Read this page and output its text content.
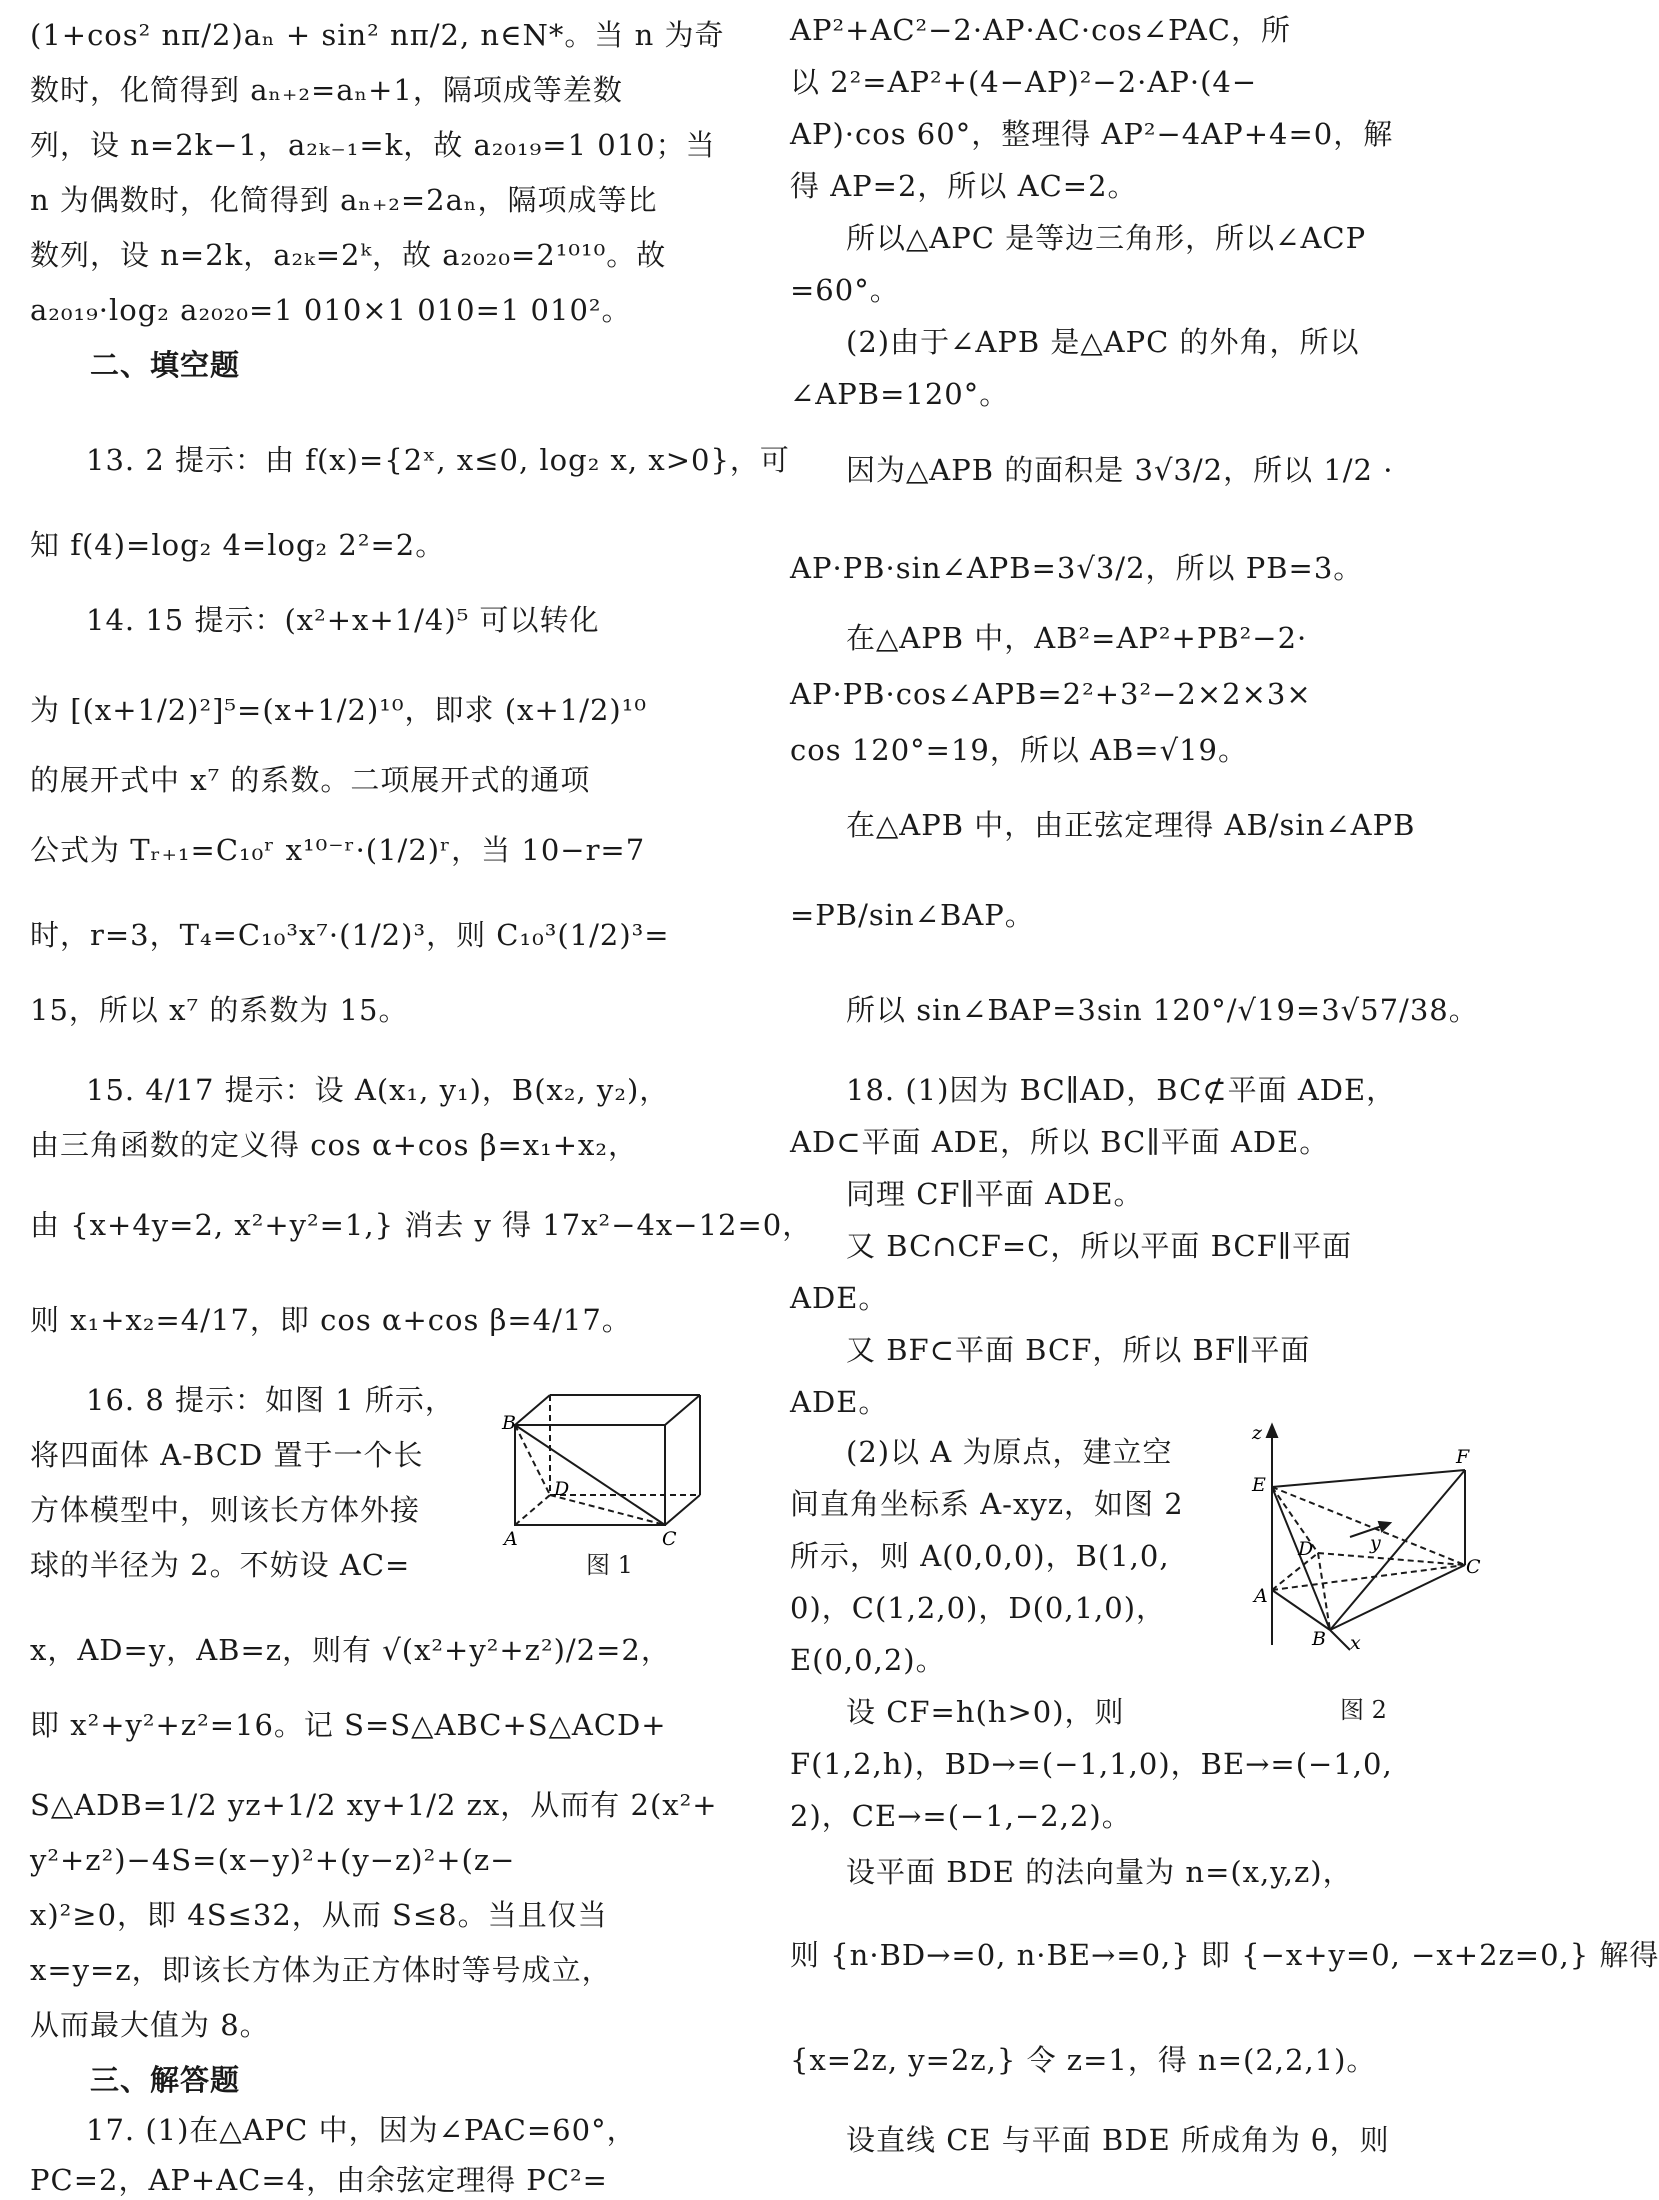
(1+cos² nπ/2)aₙ + sin² nπ/2, n∈N*。当 n 为奇
数时，化简得到 aₙ₊₂=aₙ+1，隔项成等差数
列，设 n=2k−1，a₂ₖ₋₁=k，故 a₂₀₁₉=1 010；当
n 为偶数时，化简得到 aₙ₊₂=2aₙ，隔项成等比
数列，设 n=2k，a₂ₖ=2ᵏ，故 a₂₀₂₀=2¹⁰¹⁰。故
a₂₀₁₉·log₂ a₂₀₂₀=1 010×1 010=1 010²。
二、填空题
13. 2 提示：由 f(x)={2ˣ, x≤0, log₂ x, x>0}，可
知 f(4)=log₂ 4=log₂ 2²=2。
14. 15 提示：(x²+x+1/4)⁵ 可以转化
为 [(x+1/2)²]⁵=(x+1/2)¹⁰，即求 (x+1/2)¹⁰
的展开式中 x⁷ 的系数。二项展开式的通项
公式为 Tᵣ₊₁=C₁₀ʳ x¹⁰⁻ʳ·(1/2)ʳ，当 10−r=7
时，r=3，T₄=C₁₀³x⁷·(1/2)³，则 C₁₀³(1/2)³=
15，所以 x⁷ 的系数为 15。
15. 4/17 提示：设 A(x₁, y₁)，B(x₂, y₂)，
由三角函数的定义得 cos α+cos β=x₁+x₂，
由 {x+4y=2, x²+y²=1,} 消去 y 得 17x²−4x−12=0，
则 x₁+x₂=4/17，即 cos α+cos β=4/17。
16. 8 提示：如图 1 所示，
将四面体 A-BCD 置于一个长
方体模型中，则该长方体外接
球的半径为 2。不妨设 AC=
x，AD=y，AB=z，则有 √(x²+y²+z²)/2=2，
即 x²+y²+z²=16。记 S=S△ABC+S△ACD+
S△ADB=1/2 yz+1/2 xy+1/2 zx，从而有 2(x²+
y²+z²)−4S=(x−y)²+(y−z)²+(z−
x)²≥0，即 4S≤32，从而 S≤8。当且仅当
x=y=z，即该长方体为正方体时等号成立，
从而最大值为 8。
三、解答题
17. (1)在△APC 中，因为∠PAC=60°，
PC=2，AP+AC=4，由余弦定理得 PC²=
AP²+AC²−2·AP·AC·cos∠PAC，所
以 2²=AP²+(4−AP)²−2·AP·(4−
AP)·cos 60°，整理得 AP²−4AP+4=0，解
得 AP=2，所以 AC=2。
所以△APC 是等边三角形，所以∠ACP
=60°。
(2)由于∠APB 是△APC 的外角，所以
∠APB=120°。
因为△APB 的面积是 3√3/2，所以 1/2 ·
AP·PB·sin∠APB=3√3/2，所以 PB=3。
在△APB 中，AB²=AP²+PB²−2·
AP·PB·cos∠APB=2²+3²−2×2×3×
cos 120°=19，所以 AB=√19。
在△APB 中，由正弦定理得 AB/sin∠APB
=PB/sin∠BAP。
所以 sin∠BAP=3sin 120°/√19=3√57/38。
18. (1)因为 BC∥AD，BC⊄平面 ADE，
AD⊂平面 ADE，所以 BC∥平面 ADE。
同理 CF∥平面 ADE。
又 BC∩CF=C，所以平面 BCF∥平面
ADE。
又 BF⊂平面 BCF，所以 BF∥平面
ADE。
(2)以 A 为原点，建立空
间直角坐标系 A-xyz，如图 2
所示，则 A(0,0,0)，B(1,0,
0)，C(1,2,0)，D(0,1,0)，
E(0,0,2)。
设 CF=h(h>0)，则
F(1,2,h)，BD→=(−1,1,0)，BE→=(−1,0,
2)，CE→=(−1,−2,2)。
设平面 BDE 的法向量为 n=(x,y,z)，
则 {n·BD→=0, n·BE→=0,} 即 {−x+y=0, −x+2z=0,} 解得
{x=2z, y=2z,} 令 z=1，得 n=(2,2,1)。
设直线 CE 与平面 BDE 所成角为 θ，则
B
D
A	C
图 1
z
E
F
D	y
C
A
B x
图 2
